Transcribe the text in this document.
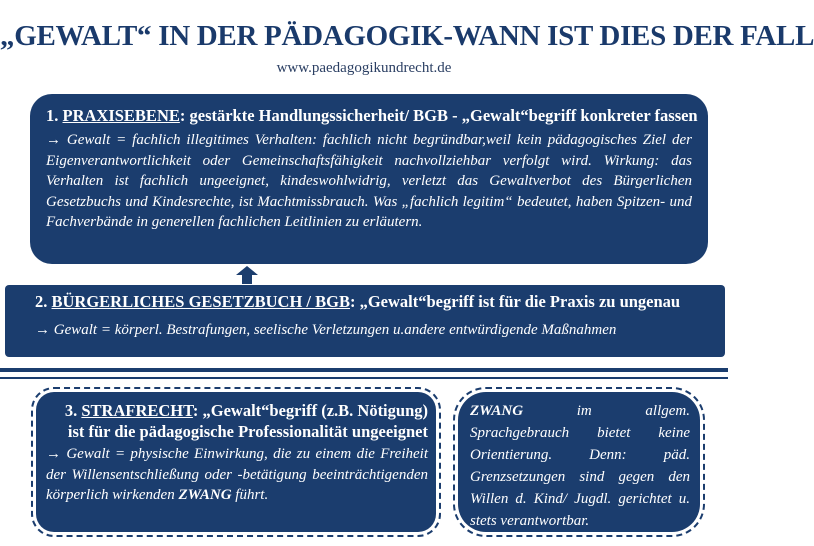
„GEWALT“ IN DER PÄDAGOGIK-WANN IST DIES DER FALL
www.paedagogikundrecht.de
1. PRAXISEBENE: gestärkte Handlungssicherheit/ BGB - „Gewalt“begriff konkreter fassen
→ Gewalt = fachlich illegitimes Verhalten: fachlich nicht begründbar,weil kein pädagogisches Ziel der Eigenverantwortlichkeit oder Gemeinschaftsfähigkeit nachvollziehbar verfolgt wird. Wirkung: das Verhalten ist fachlich ungeeignet, kindeswohlwidrig, verletzt das Gewaltverbot des Bürgerlichen Gesetzbuchs und Kindesrechte, ist Machtmissbrauch. Was „fachlich legitim“ bedeutet, haben Spitzen- und Fachverbände in generellen fachlichen Leitlinien zu erläutern.
2. BÜRGERLICHES GESETZBUCH / BGB: „Gewalt“begriff ist für die Praxis zu ungenau
→ Gewalt = körperl. Bestrafungen, seelische Verletzungen u.andere entwürdigende Maßnahmen
3. STRAFRECHT: „Gewalt“begriff (z.B. Nötigung)
ist für die pädagogische Professionalität ungeeignet
→ Gewalt = physische Einwirkung, die zu einem die Freiheit der Willensentschließung oder -betätigung beeinträchtigenden körperlich wirkenden ZWANG führt.
ZWANG im allgem. Sprachgebrauch bietet keine Orientierung. Denn: päd. Grenzsetzungen sind gegen den Willen d. Kind/ Jugdl. gerichtet u. stets verantwortbar.
